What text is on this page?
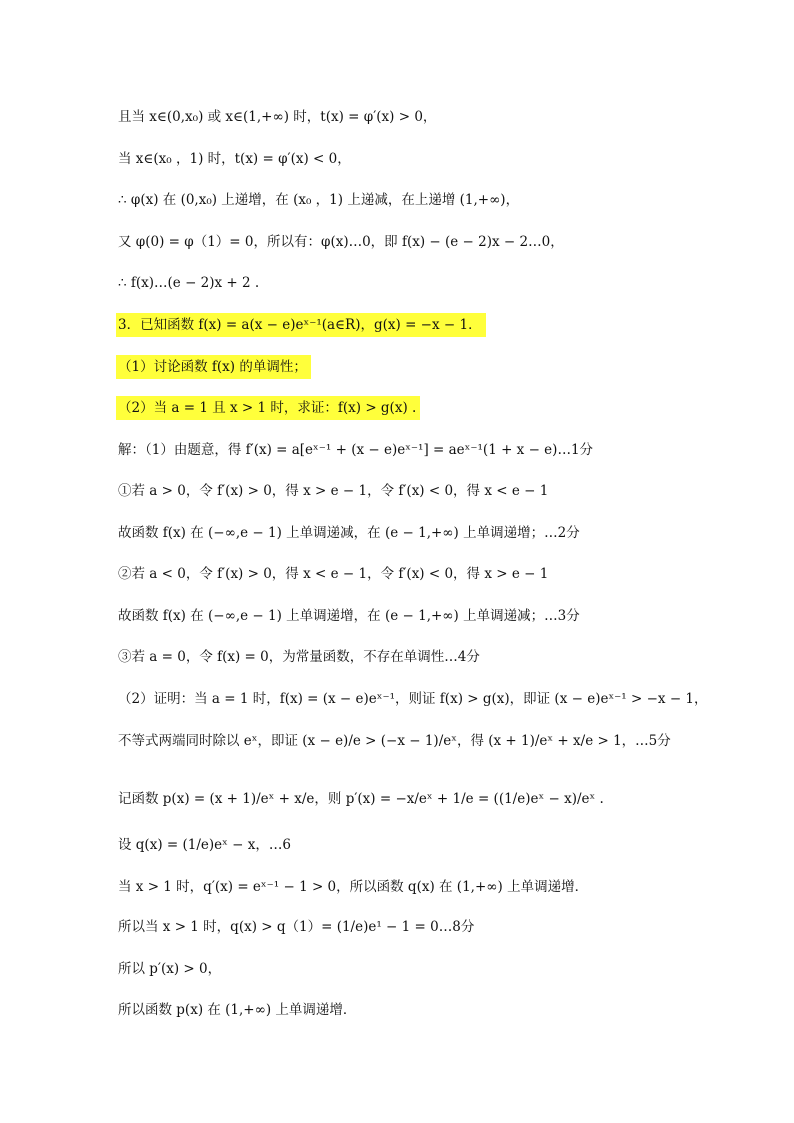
且当 x∈(0,x₀) 或 x∈(1,+∞) 时，t(x) = φ′(x) > 0，
当 x∈(x₀ ，1) 时，t(x) = φ′(x) < 0，
∴ φ(x) 在 (0,x₀) 上递增，在 (x₀ ，1) 上递减，在上递增 (1,+∞)，
又 φ(0) = φ（1）= 0，所以有：φ(x)…0，即 f(x) − (e − 2)x − 2…0，
∴ f(x)…(e − 2)x + 2 .
3．已知函数 f(x) = a(x − e)eˣ⁻¹(a∈R)，g(x) = −x − 1．
（1）讨论函数 f(x) 的单调性；
（2）当 a = 1 且 x > 1 时，求证：f(x) > g(x) .
解：（1）由题意，得 f′(x) = a[eˣ⁻¹ + (x − e)eˣ⁻¹] = aeˣ⁻¹(1 + x − e)…1分
①若 a > 0，令 f′(x) > 0，得 x > e − 1，令 f′(x) < 0，得 x < e − 1
故函数 f(x) 在 (−∞,e − 1) 上单调递减，在 (e − 1,+∞) 上单调递增；…2分
②若 a < 0，令 f′(x) > 0，得 x < e − 1，令 f′(x) < 0，得 x > e − 1
故函数 f(x) 在 (−∞,e − 1) 上单调递增，在 (e − 1,+∞) 上单调递减；…3分
③若 a = 0，令 f(x) = 0，为常量函数，不存在单调性…4分
（2）证明：当 a = 1 时，f(x) = (x − e)eˣ⁻¹，则证 f(x) > g(x)，即证 (x − e)eˣ⁻¹ > −x − 1，
不等式两端同时除以 eˣ，即证 (x − e)/e > (−x − 1)/eˣ，得 (x + 1)/eˣ + x/e > 1，…5分
记函数 p(x) = (x + 1)/eˣ + x/e，则 p′(x) = −x/eˣ + 1/e = ((1/e)eˣ − x)/eˣ .
设 q(x) = (1/e)eˣ − x，…6
当 x > 1 时，q′(x) = eˣ⁻¹ − 1 > 0，所以函数 q(x) 在 (1,+∞) 上单调递增．
所以当 x > 1 时，q(x) > q（1）= (1/e)e¹ − 1 = 0…8分
所以 p′(x) > 0，
所以函数 p(x) 在 (1,+∞) 上单调递增．
